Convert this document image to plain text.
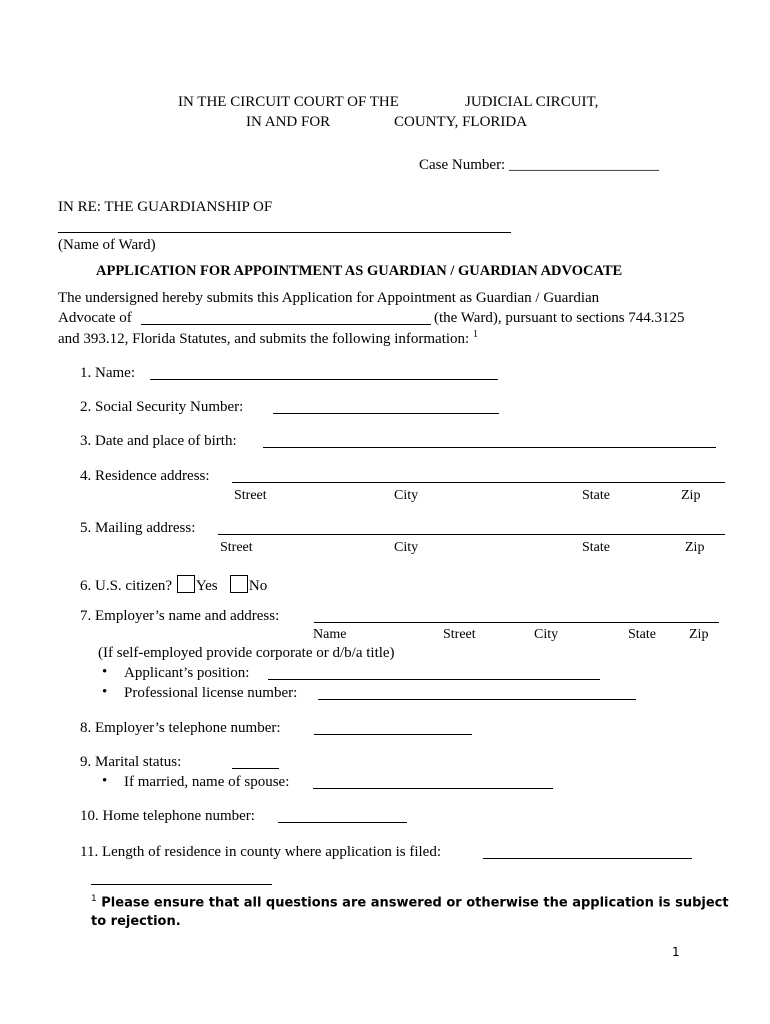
IN THE CIRCUIT COURT OF THE	JUDICIAL CIRCUIT,
IN AND FOR	COUNTY, FLORIDA
Case Number: ____________________
IN RE: THE GUARDIANSHIP OF
(Name of Ward)
APPLICATION FOR APPOINTMENT AS GUARDIAN / GUARDIAN ADVOCATE
The undersigned hereby submits this Application for Appointment as Guardian / Guardian
Advocate of	(the Ward), pursuant to sections 744.3125
and 393.12, Florida Statutes, and submits the following information: $^1$
1. Name:
2. Social Security Number:
3. Date and place of birth:
4. Residence address:
Street	City	State	Zip
5. Mailing address:
Street	City	State	Zip
6. U.S. citizen? Yes No
7. Employer’s name and address:
Name	Street	City	State Zip
(If self-employed provide corporate or d/b/a title)
• Applicant’s position:
• Professional license number:
8. Employer’s telephone number:
9. Marital status:
• If married, name of spouse:
10. Home telephone number:
11. Length of residence in county where application is filed:
$^1$ Please ensure that all questions are answered or otherwise the application is subject
to rejection.
1
